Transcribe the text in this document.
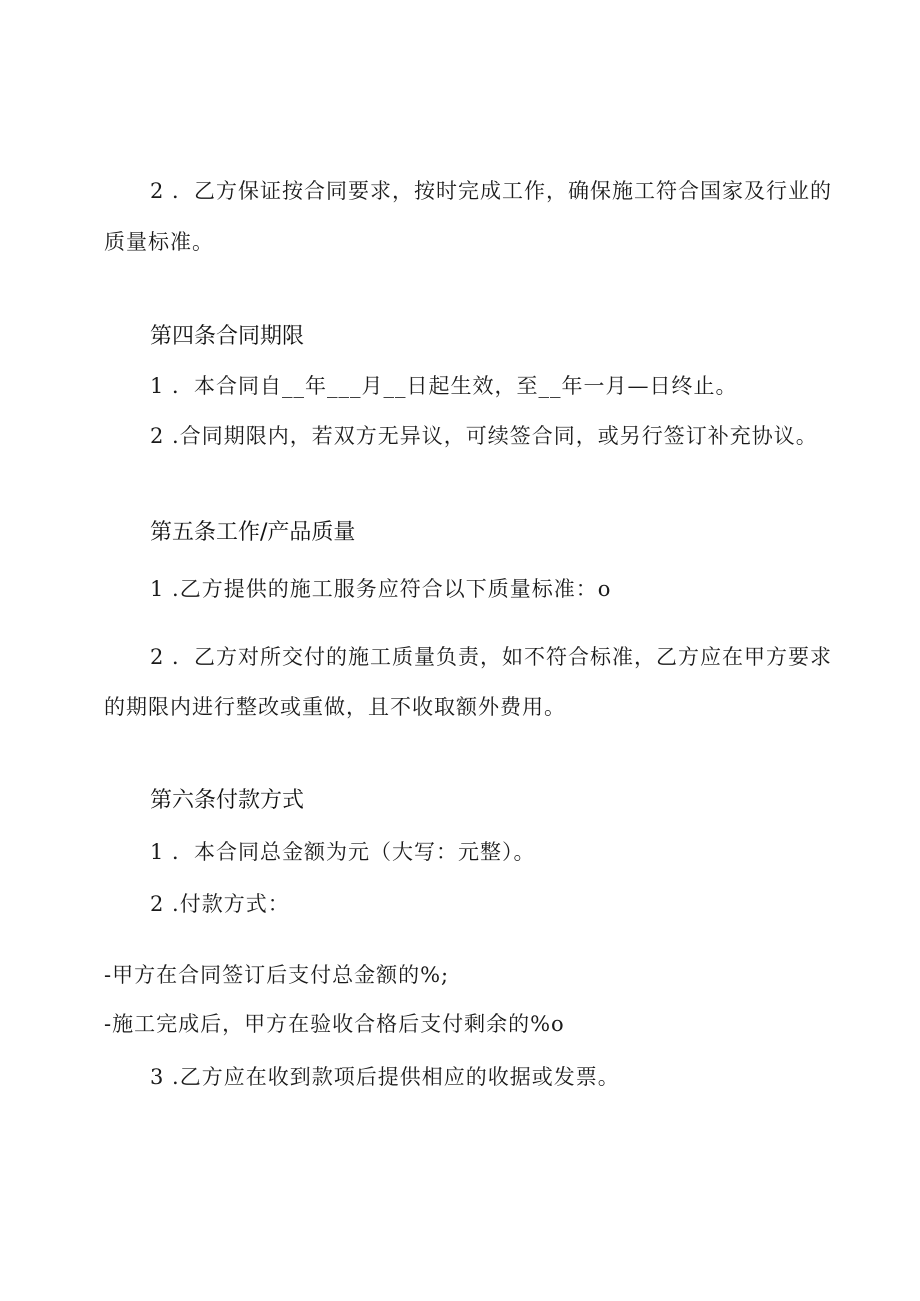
2 ．乙方保证按合同要求，按时完成工作，确保施工符合国家及行业的
质量标准。
第四条合同期限
1 ．本合同自__年___月__日起生效，至__年一月—日终止。
2 .合同期限内，若双方无异议，可续签合同，或另行签订补充协议。
第五条工作/产品质量
1 .乙方提供的施工服务应符合以下质量标准：o
2 ．乙方对所交付的施工质量负责，如不符合标准，乙方应在甲方要求
的期限内进行整改或重做，且不收取额外费用。
第六条付款方式
1 ．本合同总金额为元（大写：元整）。
2 .付款方式：
-甲方在合同签订后支付总金额的%;
-施工完成后，甲方在验收合格后支付剩余的%o
3 .乙方应在收到款项后提供相应的收据或发票。
